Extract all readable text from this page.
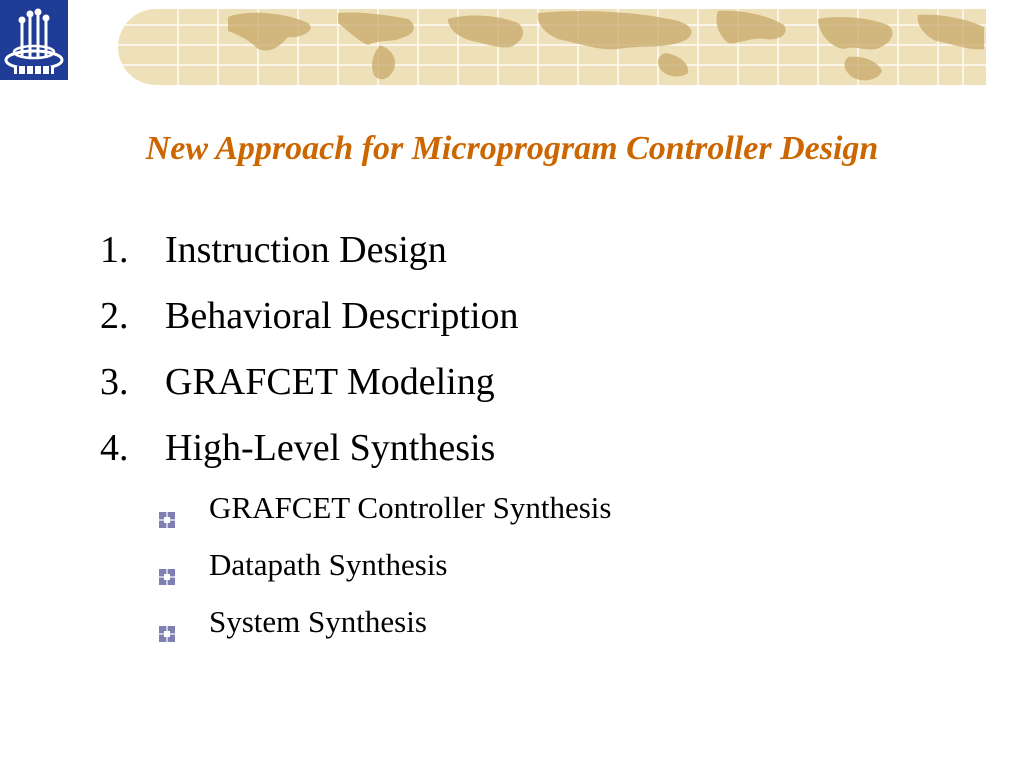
New Approach for Microprogram Controller Design
1. Instruction Design
2. Behavioral Description
3. GRAFCET Modeling
4. High-Level Synthesis
GRAFCET Controller Synthesis
Datapath Synthesis
System Synthesis
